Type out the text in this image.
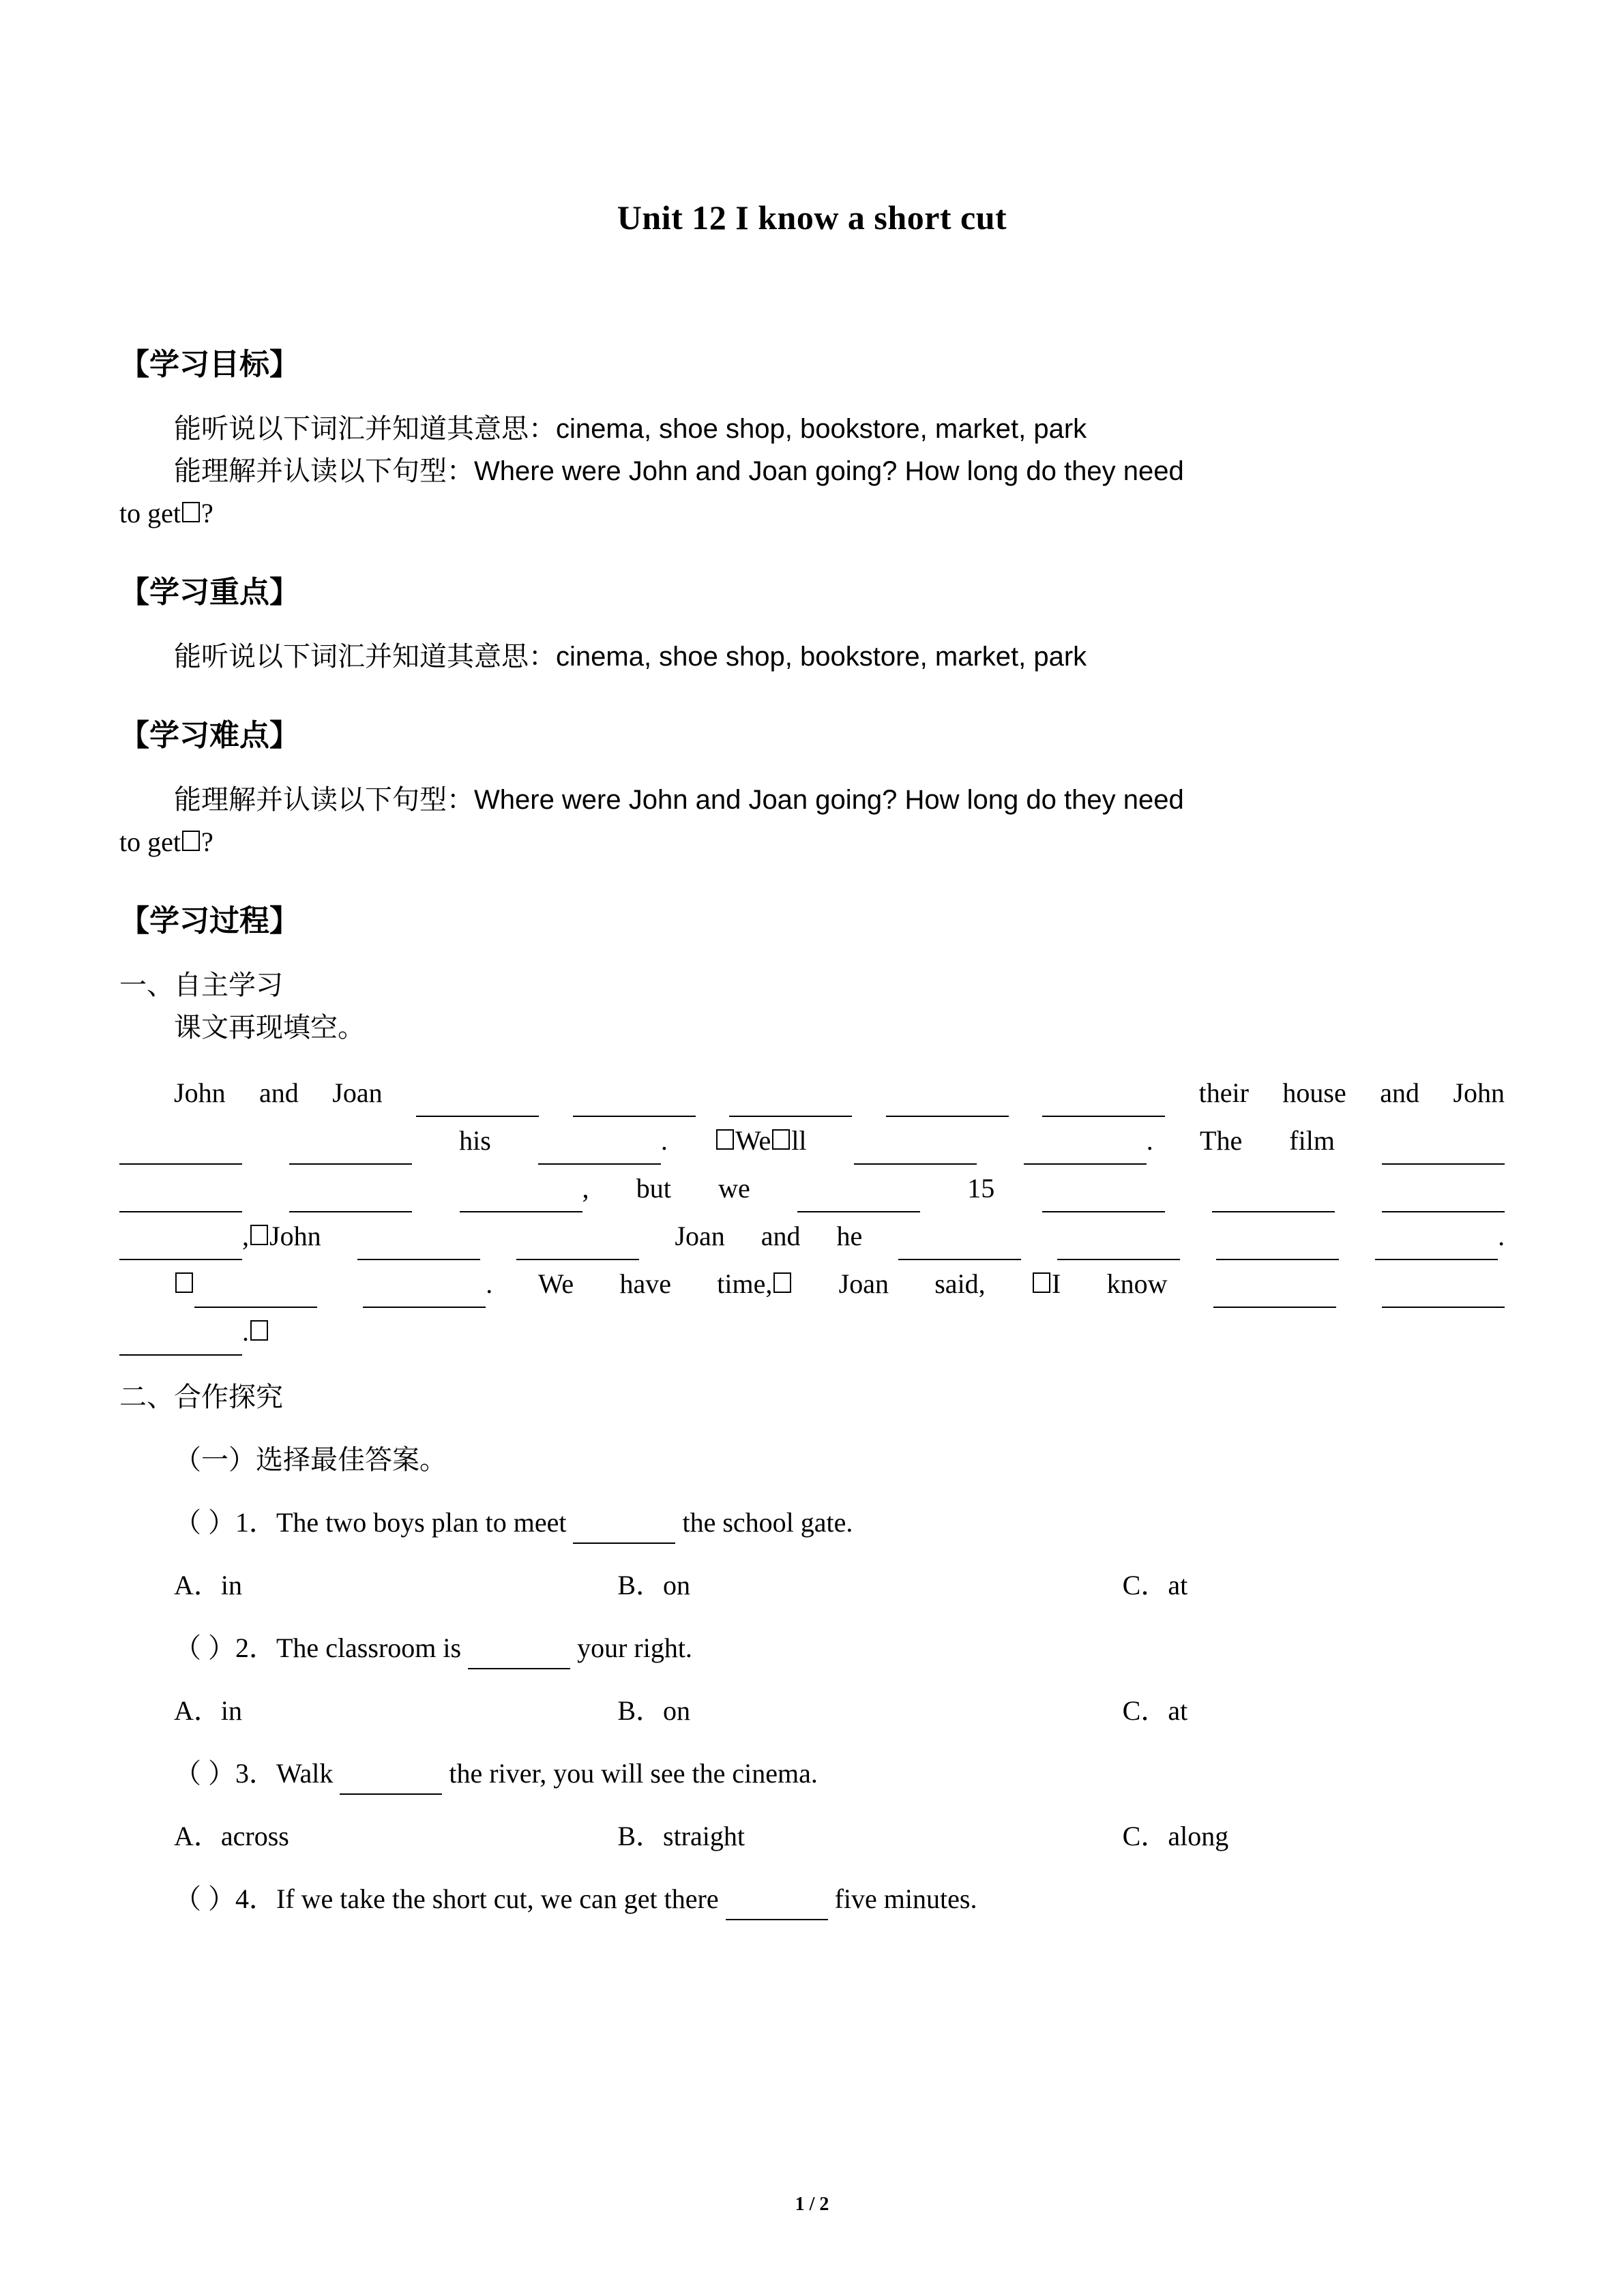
Unit 12 I know a short cut
【学习目标】

能听说以下词汇并知道其意思：cinema, shoe shop, bookstore, market, park

能理解并认读以下句型：Where were John and Joan going? How long do they need

to get ?

【学习重点】

能听说以下词汇并知道其意思：cinema, shoe shop, bookstore, market, park

【学习难点】

能理解并认读以下句型：Where were John and Joan going? How long do they need

to get ?

【学习过程】

一、自主学习

课文再现填空。

John and Joan	their house and John

his	. We ll	. The film

, but we	15

, John	Joan and he	.

. We have time, Joan said, I know

.

二、合作探究

（一）选择最佳答案。

（ ）1．The two boys plan to meet	the school gate.

A．in	B．on	C．at

（ ）2．The classroom is	your right.

A．in	B．on	C．at

（ ）3．Walk	the river, you will see the cinema.

A．across	B．straight	C．along

（ ）4．If we take the short cut, we can get there	five minutes.

1 / 2
